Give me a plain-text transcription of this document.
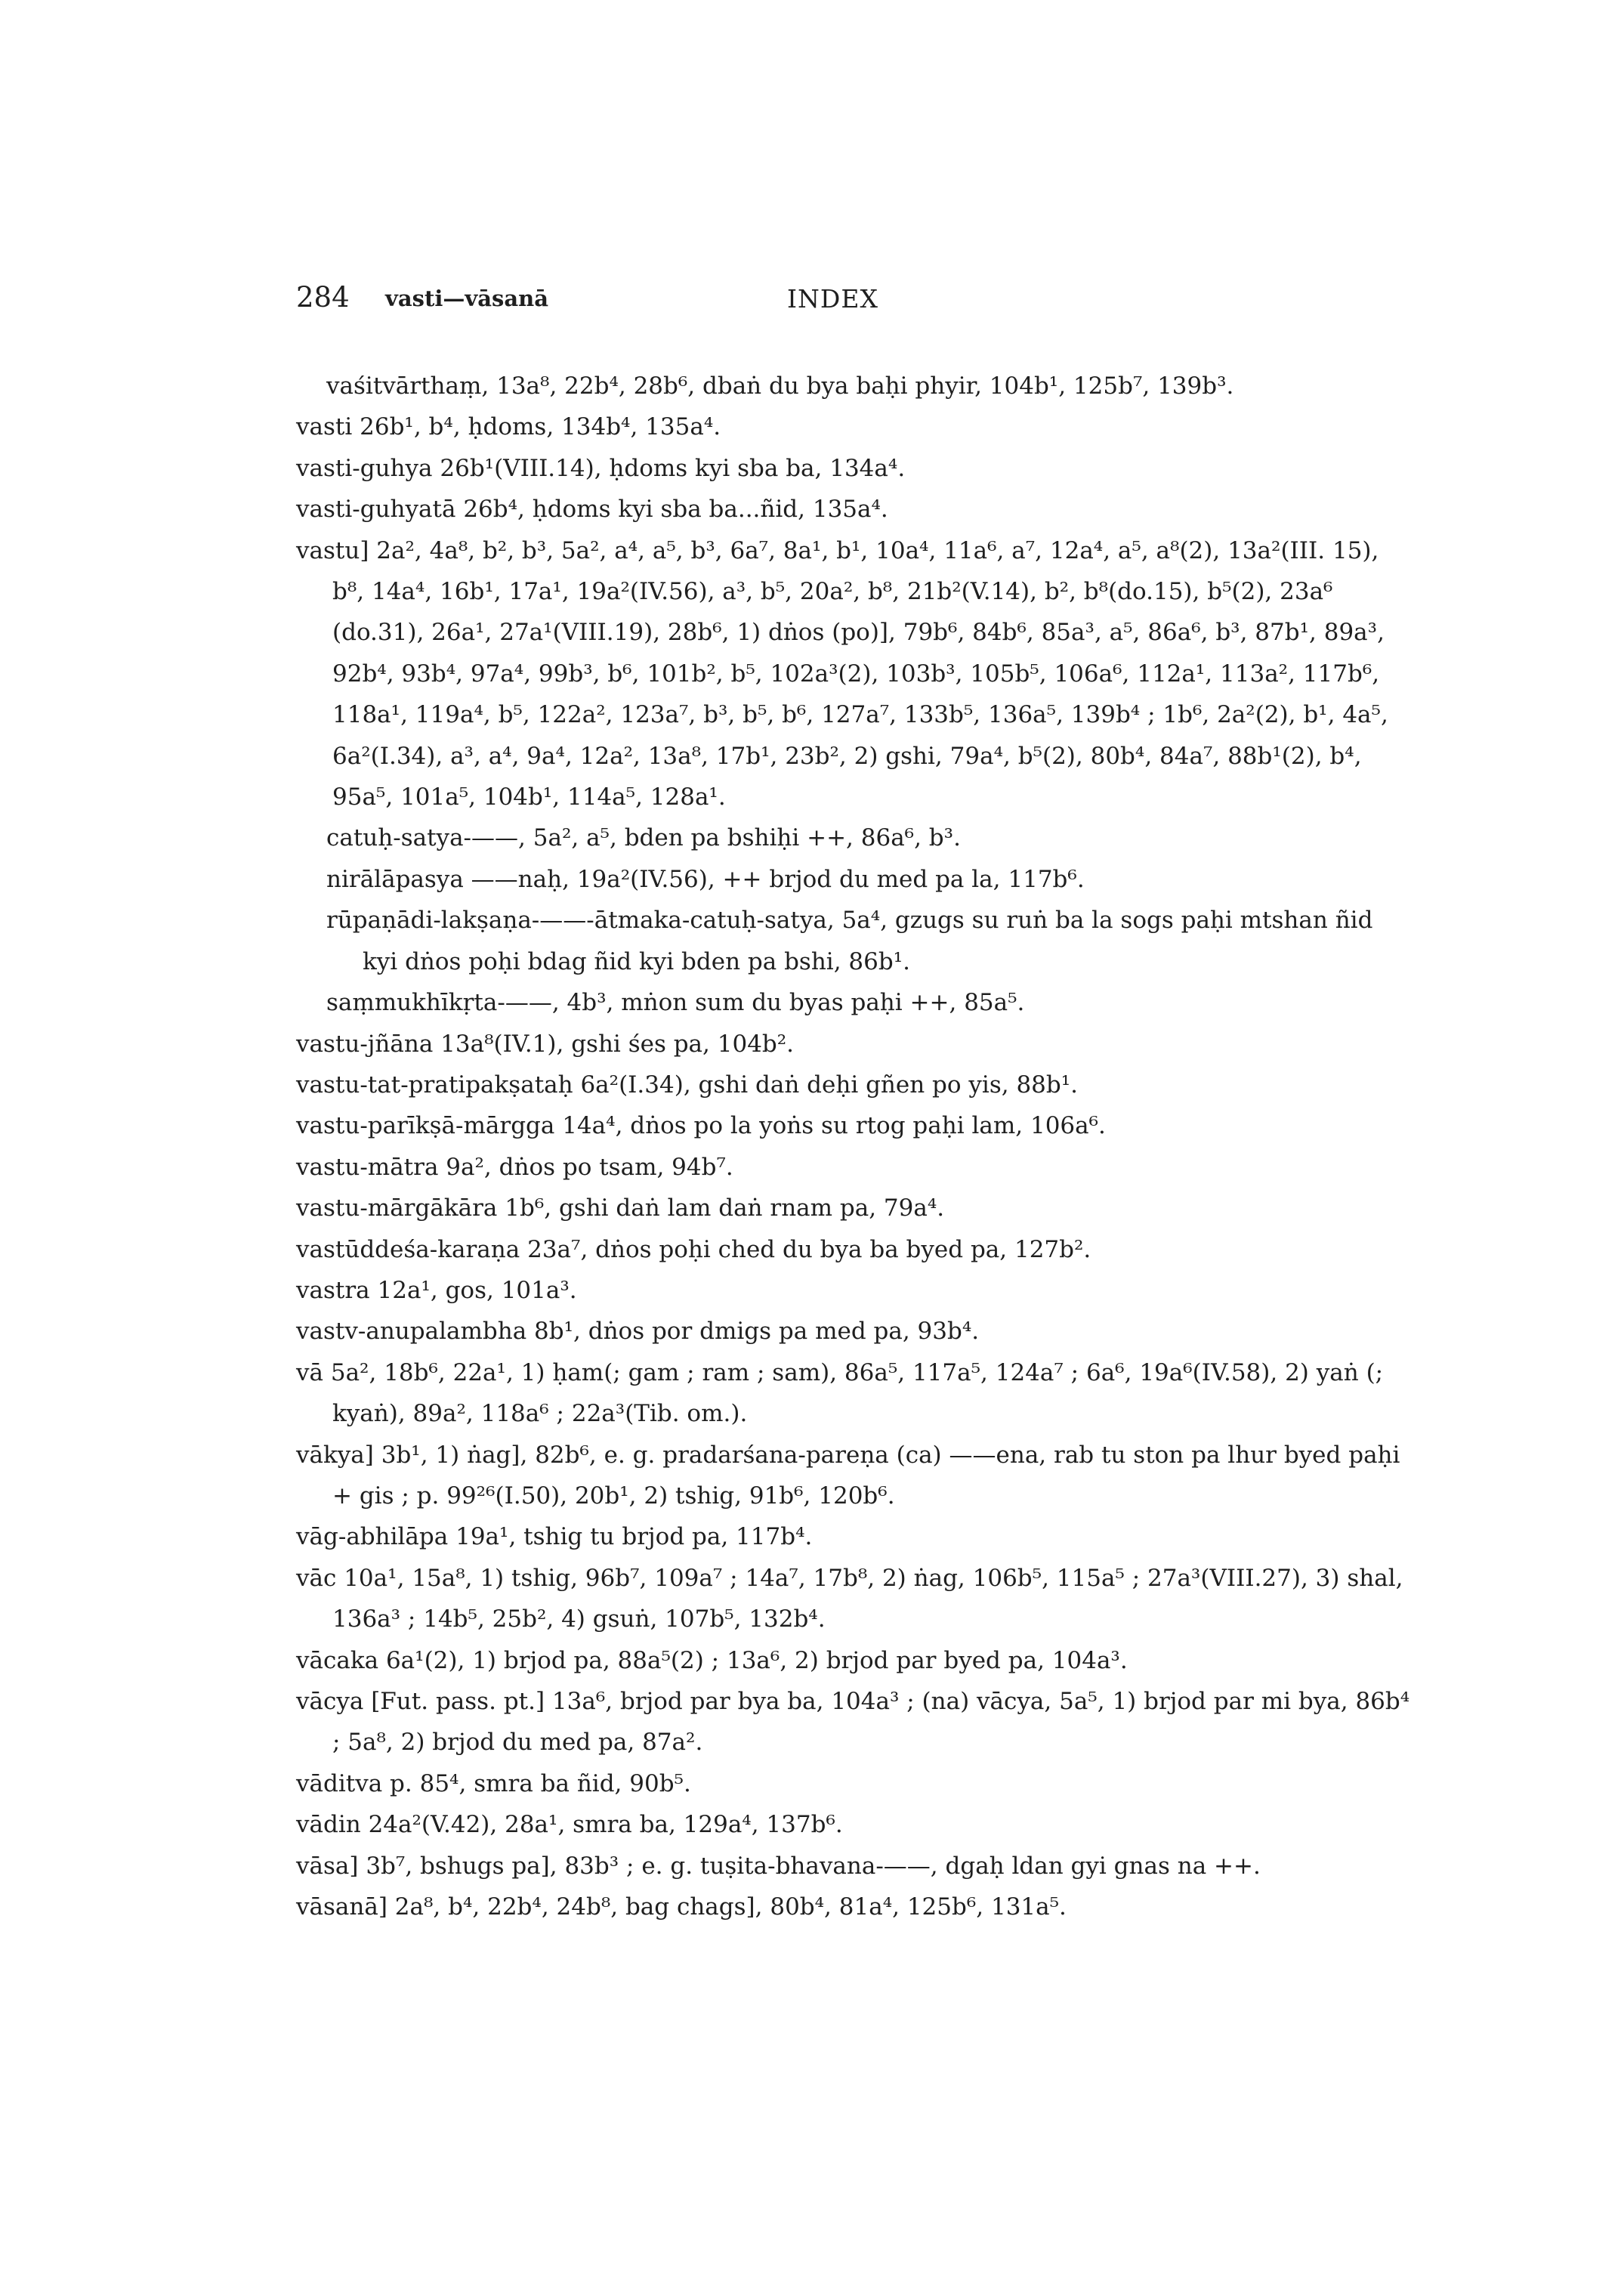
284 vasti—vāsanā	INDEX

vaśitvārthaṃ, 13a⁸, 22b⁴, 28b⁶, dbaṅ du bya baḥi phyir, 104b¹, 125b⁷, 139b³.

vasti 26b¹, b⁴, ḥdoms, 134b⁴, 135a⁴.

vasti-guhya 26b¹(VIII.14), ḥdoms kyi sba ba, 134a⁴.

vasti-guhyatā 26b⁴, ḥdoms kyi sba ba...ñid, 135a⁴.

vastu] 2a², 4a⁸, b², b³, 5a², a⁴, a⁵, b³, 6a⁷, 8a¹, b¹, 10a⁴, 11a⁶, a⁷, 12a⁴, a⁵, a⁸(2), 13a²(III. 15), b⁸, 14a⁴, 16b¹, 17a¹, 19a²(IV.56), a³, b⁵, 20a², b⁸, 21b²(V.14), b², b⁸(do.15), b⁵(2), 23a⁶ (do.31), 26a¹, 27a¹(VIII.19), 28b⁶, 1) dṅos (po)], 79b⁶, 84b⁶, 85a³, a⁵, 86a⁶, b³, 87b¹, 89a³, 92b⁴, 93b⁴, 97a⁴, 99b³, b⁶, 101b², b⁵, 102a³(2), 103b³, 105b⁵, 106a⁶, 112a¹, 113a², 117b⁶, 118a¹, 119a⁴, b⁵, 122a², 123a⁷, b³, b⁵, b⁶, 127a⁷, 133b⁵, 136a⁵, 139b⁴ ; 1b⁶, 2a²(2), b¹, 4a⁵, 6a²(I.34), a³, a⁴, 9a⁴, 12a², 13a⁸, 17b¹, 23b², 2) gshi, 79a⁴, b⁵(2), 80b⁴, 84a⁷, 88b¹(2), b⁴, 95a⁵, 101a⁵, 104b¹, 114a⁵, 128a¹.

catuḥ-satya-——, 5a², a⁵, bden pa bshiḥi ++, 86a⁶, b³.

nirālāpasya ——naḥ, 19a²(IV.56), ++ brjod du med pa la, 117b⁶.

rūpaṇādi-lakṣaṇa-——-ātmaka-catuḥ-satya, 5a⁴, gzugs su ruṅ ba la sogs paḥi mtshan ñid kyi dṅos poḥi bdag ñid kyi bden pa bshi, 86b¹.

saṃmukhīkṛta-——, 4b³, mṅon sum du byas paḥi ++, 85a⁵.

vastu-jñāna 13a⁸(IV.1), gshi śes pa, 104b².

vastu-tat-pratipakṣataḥ 6a²(I.34), gshi daṅ deḥi gñen po yis, 88b¹.

vastu-parīkṣā-mārgga 14a⁴, dṅos po la yoṅs su rtog paḥi lam, 106a⁶.

vastu-mātra 9a², dṅos po tsam, 94b⁷.

vastu-mārgākāra 1b⁶, gshi daṅ lam daṅ rnam pa, 79a⁴.

vastūddeśa-karaṇa 23a⁷, dṅos poḥi ched du bya ba byed pa, 127b².

vastra 12a¹, gos, 101a³.

vastv-anupalambha 8b¹, dṅos por dmigs pa med pa, 93b⁴.

vā 5a², 18b⁶, 22a¹, 1) ḥam(; gam ; ram ; sam), 86a⁵, 117a⁵, 124a⁷ ; 6a⁶, 19a⁶(IV.58), 2) yaṅ (; kyaṅ), 89a², 118a⁶ ; 22a³(Tib. om.).

vākya] 3b¹, 1) ṅag], 82b⁶, e. g. pradarśana-pareṇa (ca) ——ena, rab tu ston pa lhur byed paḥi + gis ; p. 99²⁶(I.50), 20b¹, 2) tshig, 91b⁶, 120b⁶.

vāg-abhilāpa 19a¹, tshig tu brjod pa, 117b⁴.

vāc 10a¹, 15a⁸, 1) tshig, 96b⁷, 109a⁷ ; 14a⁷, 17b⁸, 2) ṅag, 106b⁵, 115a⁵ ; 27a³(VIII.27), 3) shal, 136a³ ; 14b⁵, 25b², 4) gsuṅ, 107b⁵, 132b⁴.

vācaka 6a¹(2), 1) brjod pa, 88a⁵(2) ; 13a⁶, 2) brjod par byed pa, 104a³.

vācya [Fut. pass. pt.] 13a⁶, brjod par bya ba, 104a³ ; (na) vācya, 5a⁵, 1) brjod par mi bya, 86b⁴ ; 5a⁸, 2) brjod du med pa, 87a².

vāditva p. 85⁴, smra ba ñid, 90b⁵.

vādin 24a²(V.42), 28a¹, smra ba, 129a⁴, 137b⁶.

vāsa] 3b⁷, bshugs pa], 83b³ ; e. g. tuṣita-bhavana-——, dgaḥ ldan gyi gnas na ++.

vāsanā] 2a⁸, b⁴, 22b⁴, 24b⁸, bag chags], 80b⁴, 81a⁴, 125b⁶, 131a⁵.
